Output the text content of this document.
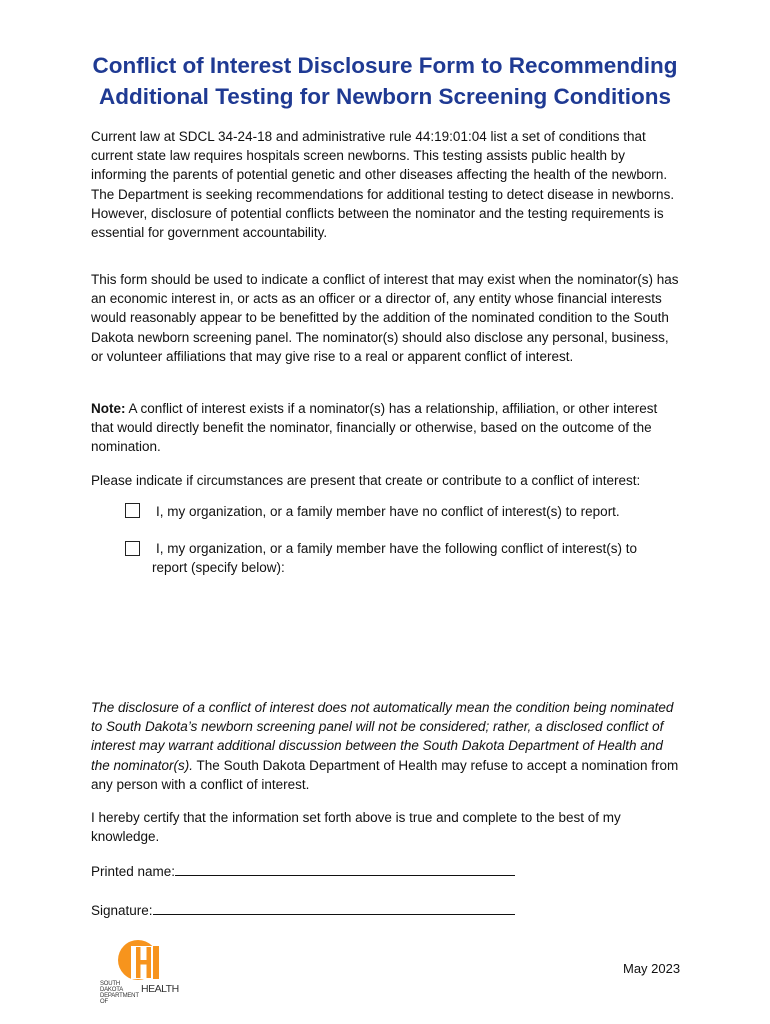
Conflict of Interest Disclosure Form to Recommending
Additional Testing for Newborn Screening Conditions

Current law at SDCL 34-24-18 and administrative rule 44:19:01:04 list a set of conditions that current state law requires hospitals screen newborns. This testing assists public health by informing the parents of potential genetic and other diseases affecting the health of the newborn. The Department is seeking recommendations for additional testing to detect disease in newborns. However, disclosure of potential conflicts between the nominator and the testing requirements is essential for government accountability.

This form should be used to indicate a conflict of interest that may exist when the nominator(s) has an economic interest in, or acts as an officer or a director of, any entity whose financial interests would reasonably appear to be benefitted by the addition of the nominated condition to the South Dakota newborn screening panel. The nominator(s) should also disclose any personal, business, or volunteer affiliations that may give rise to a real or apparent conflict of interest.

Note: A conflict of interest exists if a nominator(s) has a relationship, affiliation, or other interest that would directly benefit the nominator, financially or otherwise, based on the outcome of the nomination.

Please indicate if circumstances are present that create or contribute to a conflict of interest:

I, my organization, or a family member have no conflict of interest(s) to report.
I, my organization, or a family member have the following conflict of interest(s) to
report (specify below):

The disclosure of a conflict of interest does not automatically mean the condition being nominated to South Dakota’s newborn screening panel will not be considered; rather, a disclosed conflict of interest may warrant additional discussion between the South Dakota Department of Health and the nominator(s). The South Dakota Department of Health may refuse to accept a nomination from any person with a conflict of interest.

I hereby certify that the information set forth above is true and complete to the best of my knowledge.

Printed name:
Signature:
SOUTH DAKOTA DEPARTMENT OF
HEALTH
May 2023
